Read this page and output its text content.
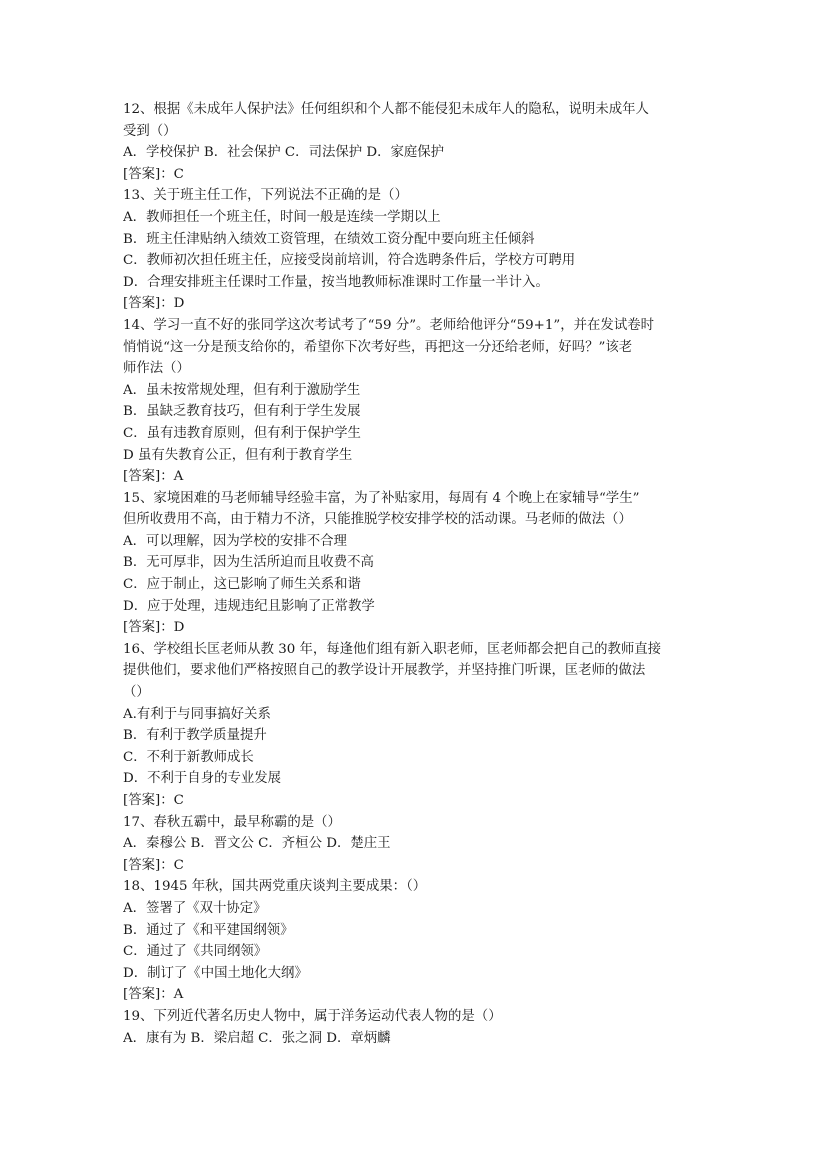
12、根据《未成年人保护法》任何组织和个人都不能侵犯未成年人的隐私，说明未成年人
受到（）
A．学校保护 B．社会保护 C．司法保护 D．家庭保护
[答案]：C
13、关于班主任工作，下列说法不正确的是（）
A．教师担任一个班主任，时间一般是连续一学期以上
B．班主任津贴纳入绩效工资管理，在绩效工资分配中要向班主任倾斜
C．教师初次担任班主任，应接受岗前培训，符合选聘条件后，学校方可聘用
D．合理安排班主任课时工作量，按当地教师标准课时工作量一半计入。
[答案]：D
14、学习一直不好的张同学这次考试考了“59 分”。老师给他评分“59+1”，并在发试卷时
悄悄说“这一分是预支给你的，希望你下次考好些，再把这一分还给老师，好吗？”该老
师作法（）
A．虽未按常规处理，但有利于激励学生
B．虽缺乏教育技巧，但有利于学生发展
C．虽有违教育原则，但有利于保护学生
D 虽有失教育公正，但有利于教育学生
[答案]：A
15、家境困难的马老师辅导经验丰富，为了补贴家用，每周有 4 个晚上在家辅导“学生”
但所收费用不高，由于精力不济，只能推脱学校安排学校的活动课。马老师的做法（）
A．可以理解，因为学校的安排不合理
B．无可厚非，因为生活所迫而且收费不高
C．应于制止，这已影响了师生关系和谐
D．应于处理，违规违纪且影响了正常教学
[答案]：D
16、学校组长匡老师从教 30 年，每逢他们组有新入职老师，匡老师都会把自己的教师直接
提供他们，要求他们严格按照自己的教学设计开展教学，并坚持推门听课，匡老师的做法
（）
A.有利于与同事搞好关系
B．有利于教学质量提升
C．不利于新教师成长
D．不利于自身的专业发展
[答案]：C
17、春秋五霸中，最早称霸的是（）
A．秦穆公 B．晋文公 C．齐桓公 D．楚庄王
[答案]：C
18、1945 年秋，国共两党重庆谈判主要成果：（）
A．签署了《双十协定》
B．通过了《和平建国纲领》
C．通过了《共同纲领》
D．制订了《中国土地化大纲》
[答案]：A
19、下列近代著名历史人物中，属于洋务运动代表人物的是（）
A．康有为 B．梁启超 C．张之洞 D．章炳麟
